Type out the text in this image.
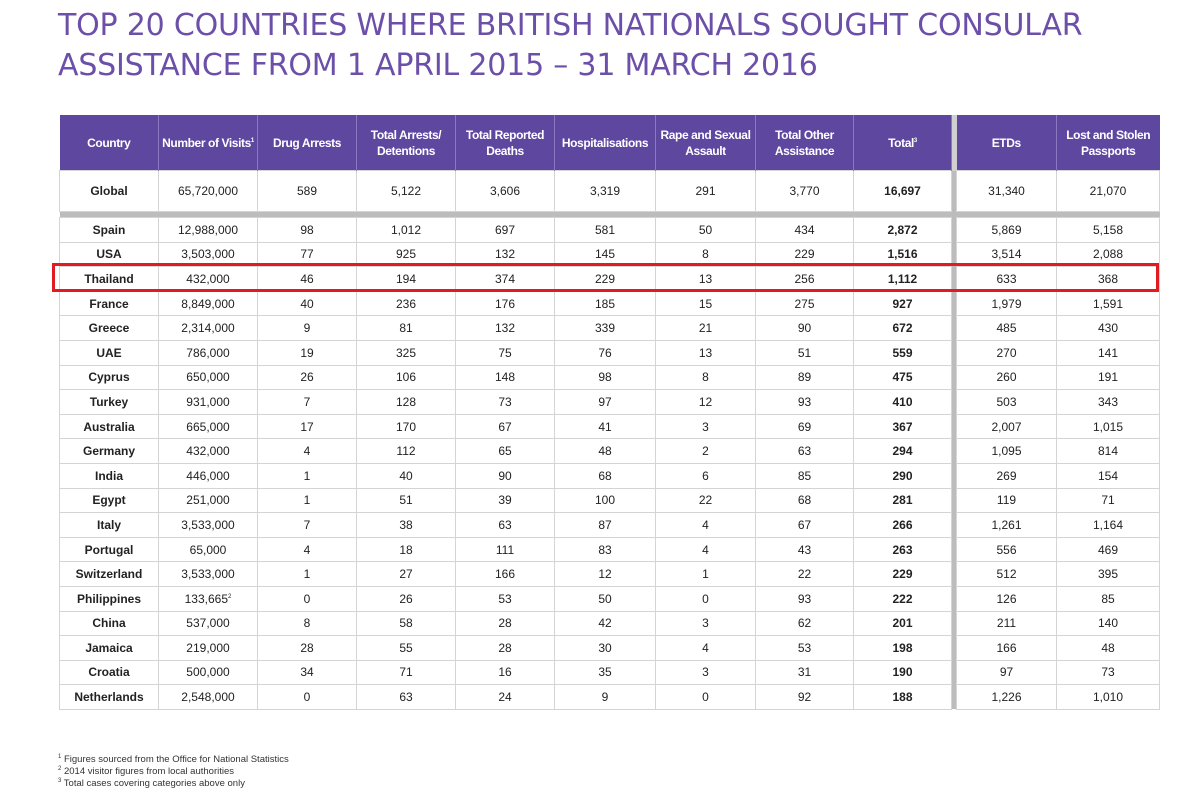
TOP 20 COUNTRIES WHERE BRITISH NATIONALS SOUGHT CONSULAR
ASSISTANCE FROM 1 APRIL 2015 – 31 MARCH 2016
Country	Number of Visits$^1$	Drug Arrests	Total Arrests/ Detentions	Total Reported Deaths	Hospitalisations	Rape and Sexual Assault	Total Other Assistance	Total$^3$		ETDs	Lost and Stolen Passports
Global	65,720,000	589	5,122	3,606	3,319	291	3,770	16,697		31,340	21,070

Spain	12,988,000	98	1,012	697	581	50	434	2,872		5,869	5,158
USA	3,503,000	77	925	132	145	8	229	1,516		3,514	2,088
Thailand	432,000	46	194	374	229	13	256	1,112		633	368
France	8,849,000	40	236	176	185	15	275	927		1,979	1,591
Greece	2,314,000	9	81	132	339	21	90	672		485	430
UAE	786,000	19	325	75	76	13	51	559		270	141
Cyprus	650,000	26	106	148	98	8	89	475		260	191
Turkey	931,000	7	128	73	97	12	93	410		503	343
Australia	665,000	17	170	67	41	3	69	367		2,007	1,015
Germany	432,000	4	112	65	48	2	63	294		1,095	814
India	446,000	1	40	90	68	6	85	290		269	154
Egypt	251,000	1	51	39	100	22	68	281		119	71
Italy	3,533,000	7	38	63	87	4	67	266		1,261	1,164
Portugal	65,000	4	18	111	83	4	43	263		556	469
Switzerland	3,533,000	1	27	166	12	1	22	229		512	395
Philippines	133,665$^2$	0	26	53	50	0	93	222		126	85
China	537,000	8	58	28	42	3	62	201		211	140
Jamaica	219,000	28	55	28	30	4	53	198		166	48
Croatia	500,000	34	71	16	35	3	31	190		97	73
Netherlands	2,548,000	0	63	24	9	0	92	188		1,226	1,010
$^1$ Figures sourced from the Office for National Statistics
$^2$ 2014 visitor figures from local authorities
$^3$ Total cases covering categories above only
